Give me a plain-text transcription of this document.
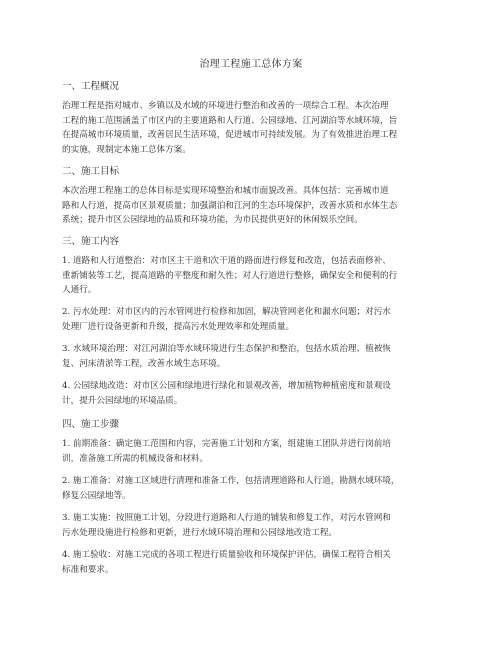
治理工程施工总体方案
一、工程概况
治理工程是指对城市、乡镇以及水域的环境进行整治和改善的一项综合工程。本次治理
工程的施工范围涵盖了市区内的主要道路和人行道、公园绿地、江河湖泊等水域环境，旨
在提高城市环境质量，改善居民生活环境，促进城市可持续发展。为了有效推进治理工程
的实施，现制定本施工总体方案。
二、施工目标
本次治理工程施工的总体目标是实现环境整治和城市面貌改善。具体包括：完善城市道
路和人行道，提高市区景观质量；加强湖泊和江河的生态环境保护，改善水质和水体生态
系统；提升市区公园绿地的品质和环境功能，为市民提供更好的休闲娱乐空间。
三、施工内容
1. 道路和人行道整治：对市区主干道和次干道的路面进行修复和改造，包括表面修补、
重新铺装等工艺，提高道路的平整度和耐久性；对人行道进行整修，确保安全和便利的行
人通行。
2. 污水处理：对市区内的污水管网进行检修和加固，解决管网老化和漏水问题；对污水
处理厂进行设备更新和升级，提高污水处理效率和处理质量。
3. 水域环境治理：对江河湖泊等水域环境进行生态保护和整治，包括水质治理、植被恢
复、河床清淤等工程，改善水域生态环境。
4. 公园绿地改造：对市区公园和绿地进行绿化和景观改善，增加植物种植密度和景观设
计，提升公园绿地的环境品质。
四、施工步骤
1. 前期准备：确定施工范围和内容，完善施工计划和方案，组建施工团队并进行岗前培
训，准备施工所需的机械设备和材料。
2. 施工准备：对施工区域进行清理和准备工作，包括清理道路和人行道，勘测水域环境，
修复公园绿地等。
3. 施工实施：按照施工计划，分段进行道路和人行道的铺装和修复工作，对污水管网和
污水处理设施进行检修和更新，进行水域环境治理和公园绿地改造工程。
4. 施工验收：对施工完成的各项工程进行质量验收和环境保护评估，确保工程符合相关
标准和要求。
